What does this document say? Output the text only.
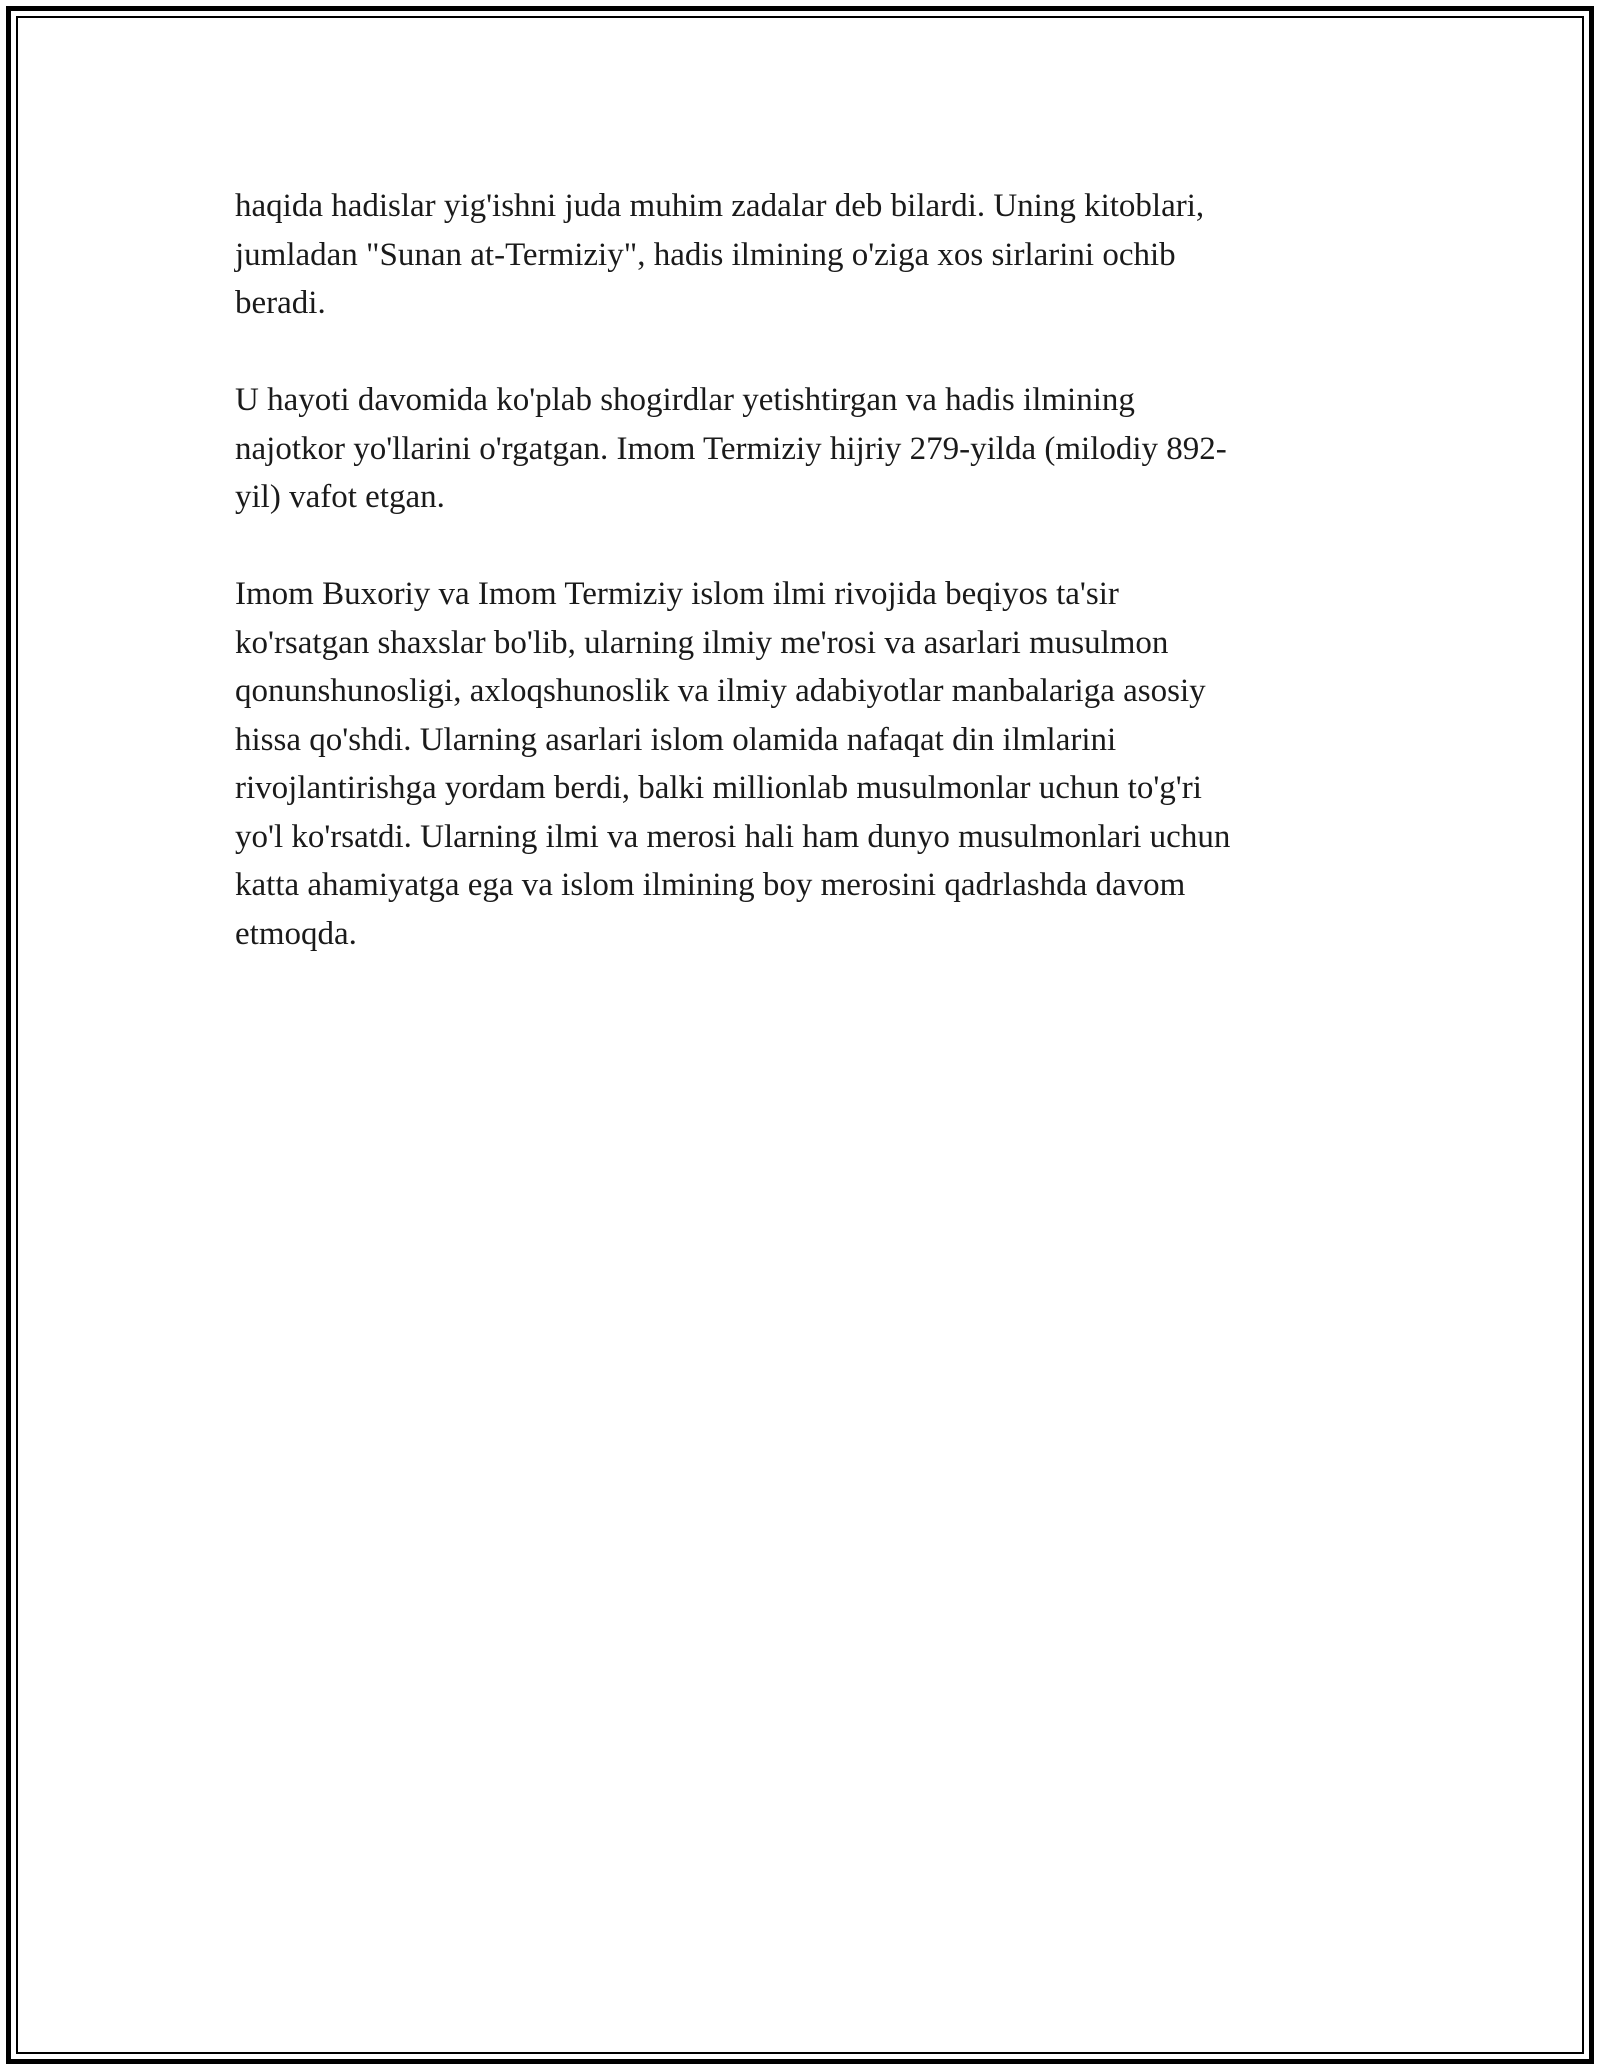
haqida hadislar yig'ishni juda muhim zadalar deb bilardi. Uning kitoblari,
jumladan "Sunan at-Termiziy", hadis ilmining o'ziga xos sirlarini ochib
beradi.

U hayoti davomida ko'plab shogirdlar yetishtirgan va hadis ilmining
najotkor yo'llarini o'rgatgan. Imom Termiziy hijriy 279-yilda (milodiy 892-
yil) vafot etgan.

Imom Buxoriy va Imom Termiziy islom ilmi rivojida beqiyos ta'sir
ko'rsatgan shaxslar bo'lib, ularning ilmiy me'rosi va asarlari musulmon
qonunshunosligi, axloqshunoslik va ilmiy adabiyotlar manbalariga asosiy
hissa qo'shdi. Ularning asarlari islom olamida nafaqat din ilmlarini
rivojlantirishga yordam berdi, balki millionlab musulmonlar uchun to'g'ri
yo'l ko'rsatdi. Ularning ilmi va merosi hali ham dunyo musulmonlari uchun
katta ahamiyatga ega va islom ilmining boy merosini qadrlashda davom
etmoqda.
